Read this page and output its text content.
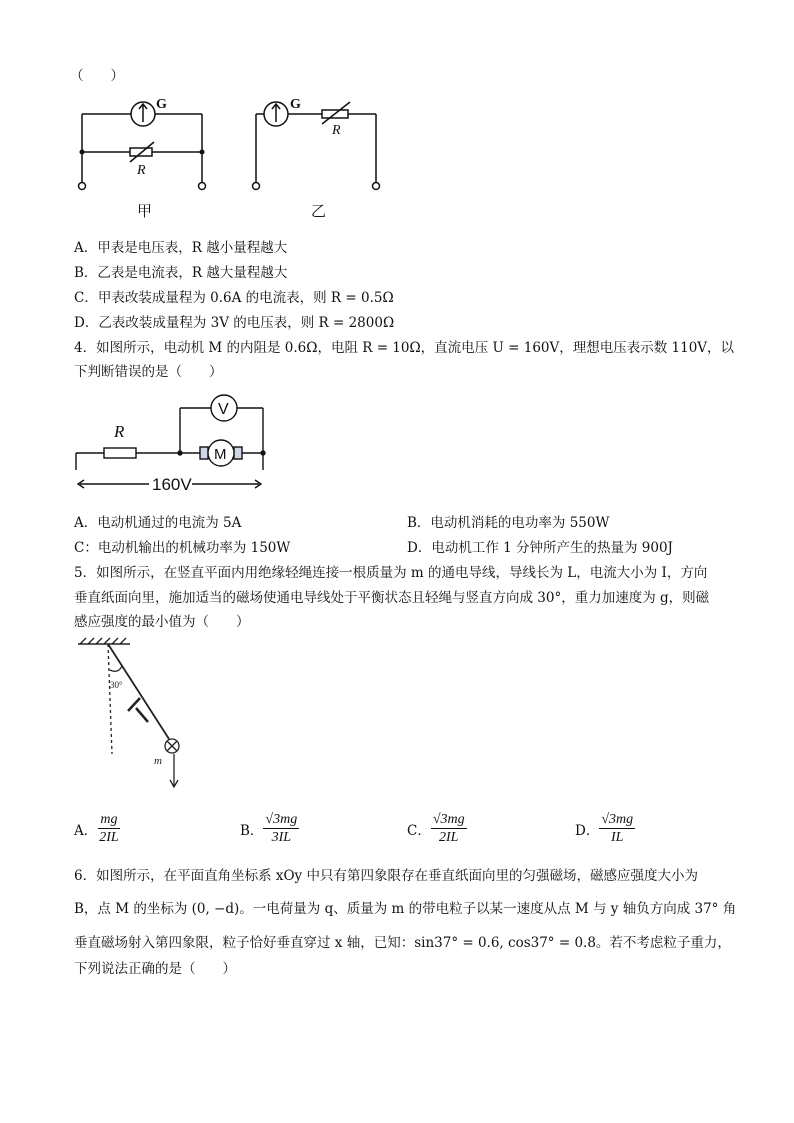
（　　）
G
R
G
R
甲	乙
A．甲表是电压表，R 越小量程越大
B．乙表是电流表，R 越大量程越大
C．甲表改装成量程为 0.6A 的电流表，则 R = 0.5Ω
D．乙表改装成量程为 3V 的电压表，则 R = 2800Ω
4．如图所示，电动机 M 的内阻是 0.6Ω，电阻 R = 10Ω，直流电压 U = 160V，理想电压表示数 110V，以
下判断错误的是（　　）
R
V
M
160V
A．电动机通过的电流为 5A	B．电动机消耗的电功率为 550W
C：电动机输出的机械功率为 150W	D．电动机工作 1 分钟所产生的热量为 900J
5．如图所示，在竖直平面内用绝缘轻绳连接一根质量为 m 的通电导线，导线长为 L，电流大小为 I，方向
垂直纸面向里，施加适当的磁场使通电导线处于平衡状态且轻绳与竖直方向成 30°，重力加速度为 g，则磁
感应强度的最小值为（　　）
30°
m
A． $\frac{mg}{2IL}$	B． $\frac{√3mg}{3IL}$	C． $\frac{√3mg}{2IL}$	D． $\frac{√3mg}{IL}$
6．如图所示，在平面直角坐标系 xOy 中只有第四象限存在垂直纸面向里的匀强磁场，磁感应强度大小为
B，点 M 的坐标为 (0, −d)。一电荷量为 q、质量为 m 的带电粒子以某一速度从点 M 与 y 轴负方向成 37° 角
垂直磁场射入第四象限，粒子恰好垂直穿过 x 轴，已知：sin37° = 0.6, cos37° = 0.8。若不考虑粒子重力，
下列说法正确的是（　　）
